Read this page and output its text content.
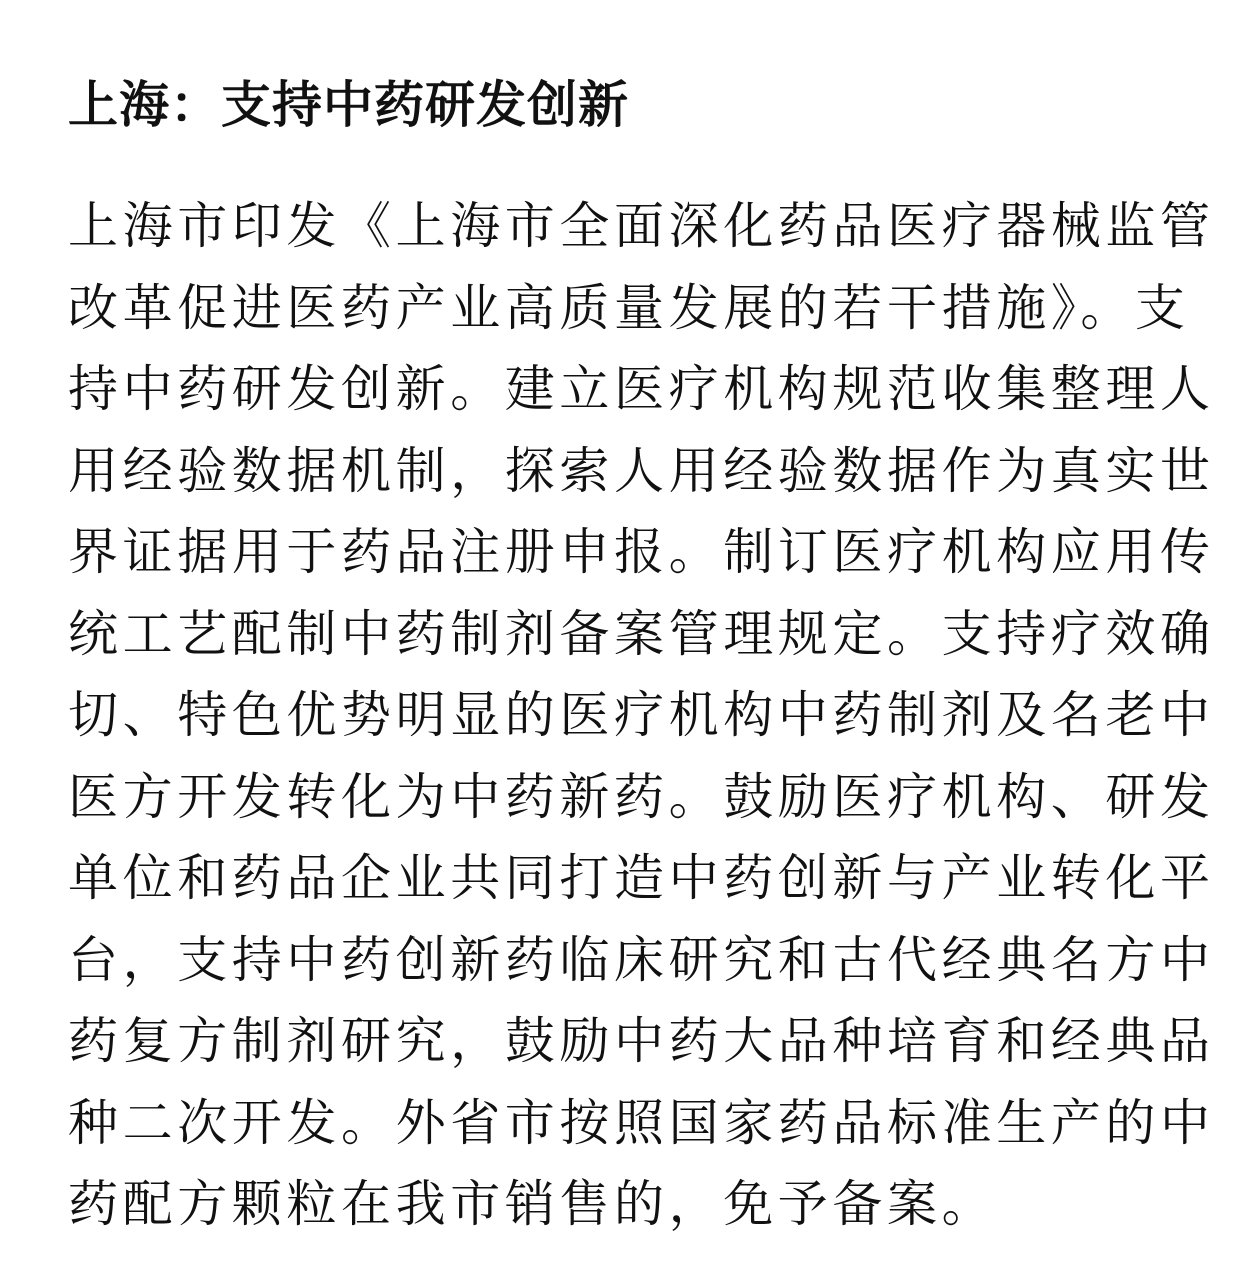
上海：支持中药研发创新
上海市印发《上海市全面深化药品医疗器械监管
改革促进医药产业高质量发展的若干措施》。支
持中药研发创新。建立医疗机构规范收集整理人
用经验数据机制，探索人用经验数据作为真实世
界证据用于药品注册申报。制订医疗机构应用传
统工艺配制中药制剂备案管理规定。支持疗效确
切、特色优势明显的医疗机构中药制剂及名老中
医方开发转化为中药新药。鼓励医疗机构、研发
单位和药品企业共同打造中药创新与产业转化平
台，支持中药创新药临床研究和古代经典名方中
药复方制剂研究，鼓励中药大品种培育和经典品
种二次开发。外省市按照国家药品标准生产的中
药配方颗粒在我市销售的，免予备案。
